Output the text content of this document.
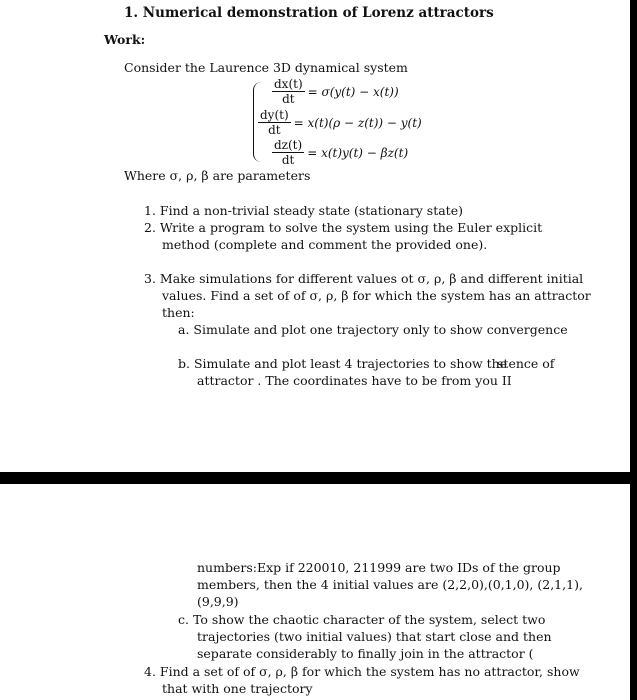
1. Numerical demonstration of Lorenz attractors
Work:
Consider the Laurence 3D dynamical system
$\frac{dx(t)}{dt} = \sigma(y(t) - x(t))$
$\frac{dy(t)}{dt} = x(t)(\rho - z(t)) - y(t)$
$\frac{dz(t)}{dt} = x(t)y(t) - \beta z(t)$
Where σ, ρ, β are parameters
1. Find a non-trivial steady state (stationary state)
2. Write a program to solve the system using the Euler explicit
method (complete and comment the provided one).
3. Make simulations for different values ot σ, ρ, β and different initial
values. Find a set of of σ, ρ, β for which the system has an attractor
then:
a. Simulate and plot one trajectory only to show convergence
b. Simulate and plot least 4 trajectories to show the
stence of
attractor . The coordinates have to be from you II
numbers:Exp if 220010, 211999 are two IDs of the group
members, then the 4 initial values are (2,2,0),(0,1,0), (2,1,1),
(9,9,9)
c. To show the chaotic character of the system, select two
trajectories (two initial values) that start close and then
separate considerably to finally join in the attractor (
4. Find a set of of σ, ρ, β for which the system has no attractor, show
that with one trajectory
